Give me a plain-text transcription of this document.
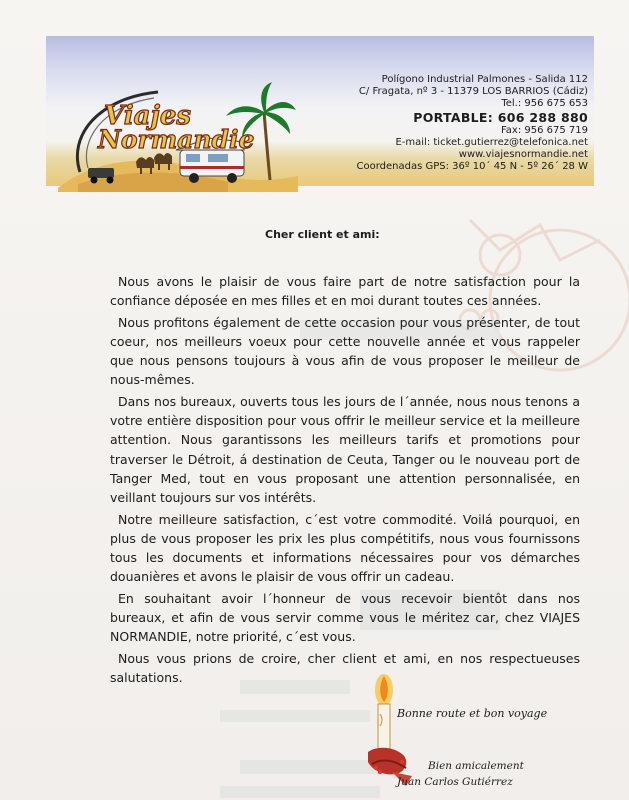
Viajes
Normandie
Polígono Industrial Palmones - Salida 112
C/ Fragata, nº 3 - 11379 LOS BARRIOS (Cádiz)
Tel.: 956 675 653
PORTABLE: 606 288 880
Fax: 956 675 719
E-mail: ticket.gutierrez@telefonica.net
www.viajesnormandie.net
Coordenadas GPS: 36º 10´ 45 N - 5º 26´ 28 W
Cher client et ami:

Nous avons le plaisir de vous faire part de notre satisfaction pour la confiance déposée en mes filles et en moi durant toutes ces années.

Nous profitons également de cette occasion pour vous présenter, de tout coeur, nos meilleurs voeux pour cette nouvelle année et vous rappeler que nous pensons toujours à vous afin de vous proposer le meilleur de nous-mêmes.

Dans nos bureaux, ouverts tous les jours de l´année, nous nous tenons a votre entière disposition pour vous offrir le meilleur service et la meilleure attention. Nous garantissons les meilleurs tarifs et promotions pour traverser le Détroit, á destination de Ceuta, Tanger ou le nouveau port de Tanger Med, tout en vous proposant une attention personnalisée, en veillant toujours sur vos intérêts.

Notre meilleure satisfaction, c´est votre commodité. Voilá pourquoi, en plus de vous proposer les prix les plus compétitifs, nous vous fournissons tous les documents et informations nécessaires pour vos démarches douanières et avons le plaisir de vous offrir un cadeau.

En souhaitant avoir l´honneur de vous recevoir bientôt dans nos bureaux, et afin de vous servir comme vous le méritez car, chez VIAJES NORMANDIE, notre priorité, c´est vous.

Nous vous prions de croire, cher client et ami, en nos respectueuses salutations.

Bonne route et bon voyage
Bien amicalement
Juan Carlos Gutiérrez
